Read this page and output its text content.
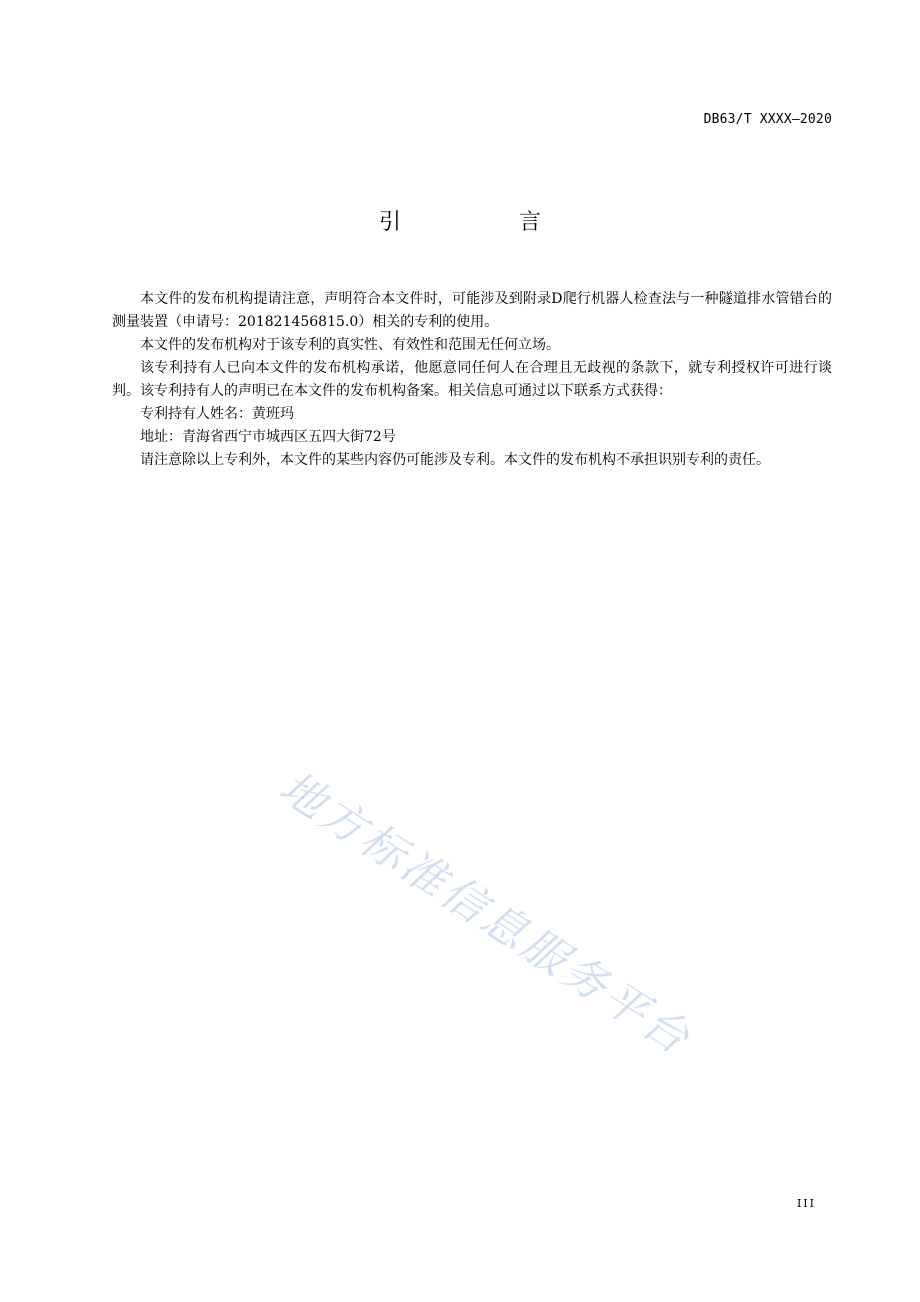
DB63/T XXXX—2020
引　言

本文件的发布机构提请注意，声明符合本文件时，可能涉及到附录D爬行机器人检查法与一种隧道排水管错台的测量装置（申请号：201821456815.0）相关的专利的使用。

本文件的发布机构对于该专利的真实性、有效性和范围无任何立场。

该专利持有人已向本文件的发布机构承诺，他愿意同任何人在合理且无歧视的条款下，就专利授权许可进行谈判。该专利持有人的声明已在本文件的发布机构备案。相关信息可通过以下联系方式获得：

专利持有人姓名：黄班玛

地址：青海省西宁市城西区五四大街72号

请注意除以上专利外，本文件的某些内容仍可能涉及专利。本文件的发布机构不承担识别专利的责任。

地方标准信息服务平台
III
